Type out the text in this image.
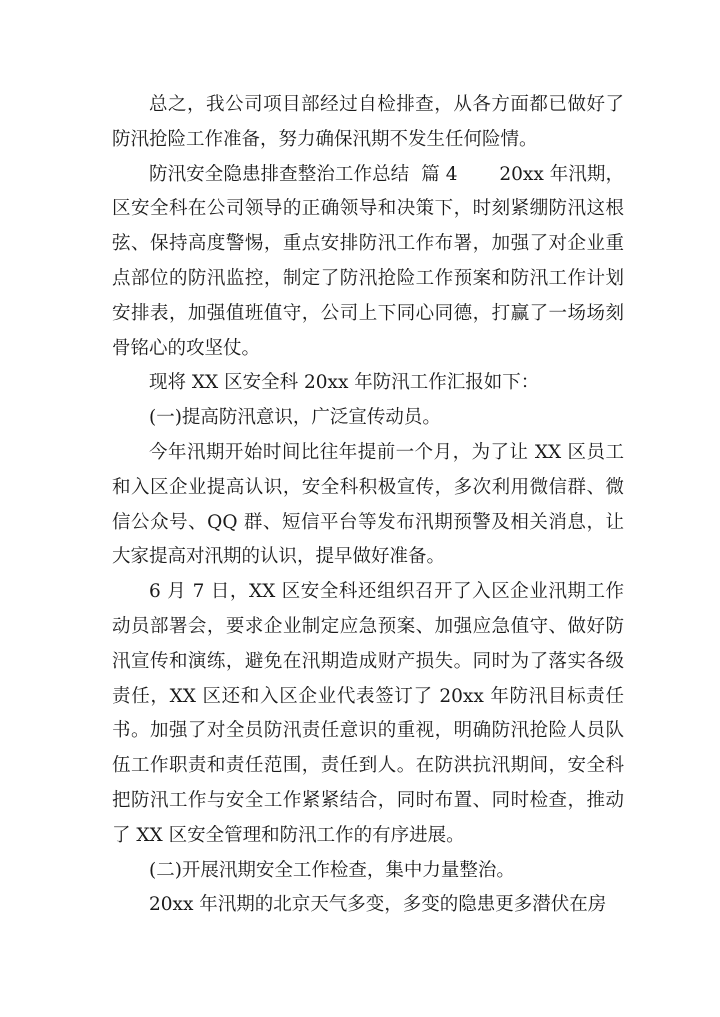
总之，我公司项目部经过自检排查，从各方面都已做好了防汛抢险工作准备，努力确保汛期不发生任何险情。

防汛安全隐患排查整治工作总结  篇 4       20xx 年汛期，区安全科在公司领导的正确领导和决策下，时刻紧绷防汛这根弦、保持高度警惕，重点安排防汛工作布署，加强了对企业重点部位的防汛监控，制定了防汛抢险工作预案和防汛工作计划安排表，加强值班值守，公司上下同心同德，打赢了一场场刻骨铭心的攻坚仗。

现将 XX 区安全科 20xx 年防汛工作汇报如下：

(一)提高防汛意识，广泛宣传动员。

今年汛期开始时间比往年提前一个月，为了让 XX 区员工和入区企业提高认识，安全科积极宣传，多次利用微信群、微信公众号、QQ 群、短信平台等发布汛期预警及相关消息，让大家提高对汛期的认识，提早做好准备。

6 月 7 日，XX 区安全科还组织召开了入区企业汛期工作动员部署会，要求企业制定应急预案、加强应急值守、做好防汛宣传和演练，避免在汛期造成财产损失。同时为了落实各级责任，XX 区还和入区企业代表签订了 20xx 年防汛目标责任书。加强了对全员防汛责任意识的重视，明确防汛抢险人员队伍工作职责和责任范围，责任到人。在防洪抗汛期间，安全科把防汛工作与安全工作紧紧结合，同时布置、同时检查，推动了 XX 区安全管理和防汛工作的有序进展。

(二)开展汛期安全工作检查，集中力量整治。

20xx 年汛期的北京天气多变，多变的隐患更多潜伏在房
